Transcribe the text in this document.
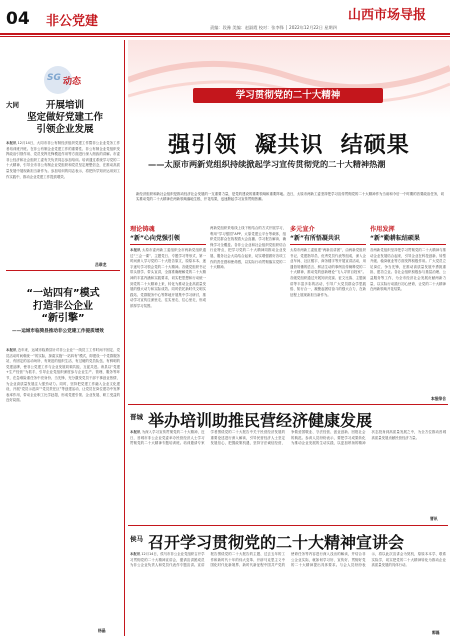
04 非公党建	山西市场导报
责编：段豫 美编：赵淑霞 校对：张李锋 │ 2022年12月22日 星期四
SG 动态
大同	开展培训
坚定做好党建工作
引领企业发展
本报讯 12月14日，大同市非公有制经济组织党建工作暨非公企业党务工作者培训班开班。在非公有制企业党建工作的重要性、非公有制企业党组织发挥政治引领作用、党员发挥先锋模范作用等方面进行深入细致的讲解。市委非公经济和社会组织工委有关负责同志参加培训。培训通过系统学习党的二十大精神，引导全市非公有制企业党组织和党员坚定理想信念，在推动高质量发展中展现新担当新作为。参加培训的同志表示，将把所学知识运用到工作实践中，推动企业党建工作提质增效。
吕恭龙
“一站四有”模式
打造非公企业
“新引擎”
——运城市临猗县推动非公党建工作提质增效
本报讯 近年来，运城市临猗县针对非公企业“一线员工工作时间不固定、党员活动时间难统一”的实际，探索实施“一站四有”模式，即建设一个党群服务站，有固定的活动场所、有规范的组织生活、有过硬的党员队伍、有鲜明的党建品牌，使非公党建工作与企业发展同频共振、互促共进。该县以“党建+生产经营”为抓手，引导企业党组织深度参与企业生产、管理、服务等环节，在急难险重任务中亮身份、当先锋，充分激发党员干部干事创业热情，为企业高质量发展注入强劲动力。同时，坚持把党建工作融入企业文化建设，开展“党员示范岗”“党员责任区”等创建活动，让党员在岗位建功中发挥表率作用，带动企业职工比学赶超，形成党建引领、企业发展、职工受益的良好局面。
杨晶
学习贯彻党的二十大精神
强引领  凝共识  结硕果
——太原市两新党组织持续掀起学习宣传贯彻党的二十大精神热潮
新经济组织和新社会组织是推动经济社会发展的一支重要力量，是党的建设的重要领域和重要阵地。近日，太原市两新工委坚持把学习宣传贯彻党的二十大精神作为当前和今后一个时期的首要政治任务，切实推动党的二十大精神在两新领域落地生根、开花结果，迅速掀起学习宣传贯彻热潮。
理论铸魂
“新”心向党强引领
本报讯 太原市委两新工委组织全市两新党组织通过“三会一课”、主题党日、专题学习等形式，第一时间深入学习党的二十大报告原文，原原本本、逐字逐句学习领会党的二十大精神。各级党组织书记带头领学、带头宣讲，全面准确理解党的二十大精神的丰富内涵和实践要求，切实把思想和行动统一到党的二十大精神上来，转化为推动企业高质量发展的强大动力和实际成效。同时依托新时代文明实践站、党群服务中心等阵地开展集中学习研讨，推动学习宣传往深里走、往实里走、往心里走，形成浓厚学习氛围。
两新党组织采取线上线下相结合的方式开展学习，利用“学习强国”APP、太原党建云平台等载体，组织党员群众在线观看大会直播、学习报告解读，确保学习全覆盖。各非公企业和社会组织党组织结合行业特点，把学习党的二十大精神同推动企业发展、服务社会大局结合起来，切实增强做好各项工作的责任感和使命感，以实际行动贯彻落实党的二十大精神。
多元宣介
“新”有所悟凝共识
太原市两新工委组建“两新宣讲团”，由两新党组织书记、党建指导员、优秀党员代表等组成，深入企业车间、社区楼宇、商务楼宇等开展宣讲活动，用通俗易懂的语言、鲜活生动的事例宣传阐释党的二十大精神，推动党的创新理论“飞入寻常百姓家”。各级党组织通过开展知识竞赛、征文比赛、主题演讲等丰富多彩的活动，引导广大党员群众学思践悟、知行合一，凝聚起团结奋斗的强大合力，在新征程上展现新担当新作为。
作用发挥
“新”勤耕耘结硕果
各两新党组织坚持把学习贯彻党的二十大精神与推动企业发展结合起来，引导企业在科技创新、转型升级、稳岗就业等方面发挥积极作用。广大党员立足岗位、争当先锋，在推动高质量发展中勇挑重担、建功立业。各社会组织积极参与基层治理、公益服务等工作，为全市经济社会发展贡献两新力量，以实际行动践行初心使命，让党的二十大精神在两新领域开花结果。
本报综合
晋城 举办培训助推民营经济健康发展
本报讯 为深入学习宣传贯彻党的二十大精神，近日，晋城市非公企业党委举办民营经济人士学习贯彻党的二十大精神专题培训班。培训邀请专家学者围绕党的二十大报告中关于民营经济发展的重要论述进行深入解读，引导民营经济人士坚定发展信心，把握政策机遇，坚持守法诚信经营，争做爱国敬业、守法经营、创业创新、回报社会的典范。参训人员纷纷表示，要把学习成果转化为推动企业发展的生动实践，以更加昂扬的精神状态投身到高质量发展之中，为全方位推动晋城高质量发展贡献民营经济力量。
晋讯
侯马 召开学习贯彻党的二十大精神宣讲会
本报讯 12月14日，侯马市非公企业党组织召开学习贯彻党的二十大精神宣讲会，邀请宣讲团成员为非公企业负责人和党员代表作专题宣讲。宣讲报告围绕党的二十大报告的主题、过去五年的工作和新时代十年的伟大变革、开辟马克思主义中国化时代化新境界、新时代新征程中国共产党的使命任务等内容进行深入浅出的解读，并结合非公企业实际，就如何学习好、宣传好、贯彻好党的二十大精神提出具体要求。与会人员纷纷表示，将以此次宣讲会为契机，原原本本学、联系实际学，切实把党的二十大精神转化为推动企业高质量发展的具体行动。
郭磊
